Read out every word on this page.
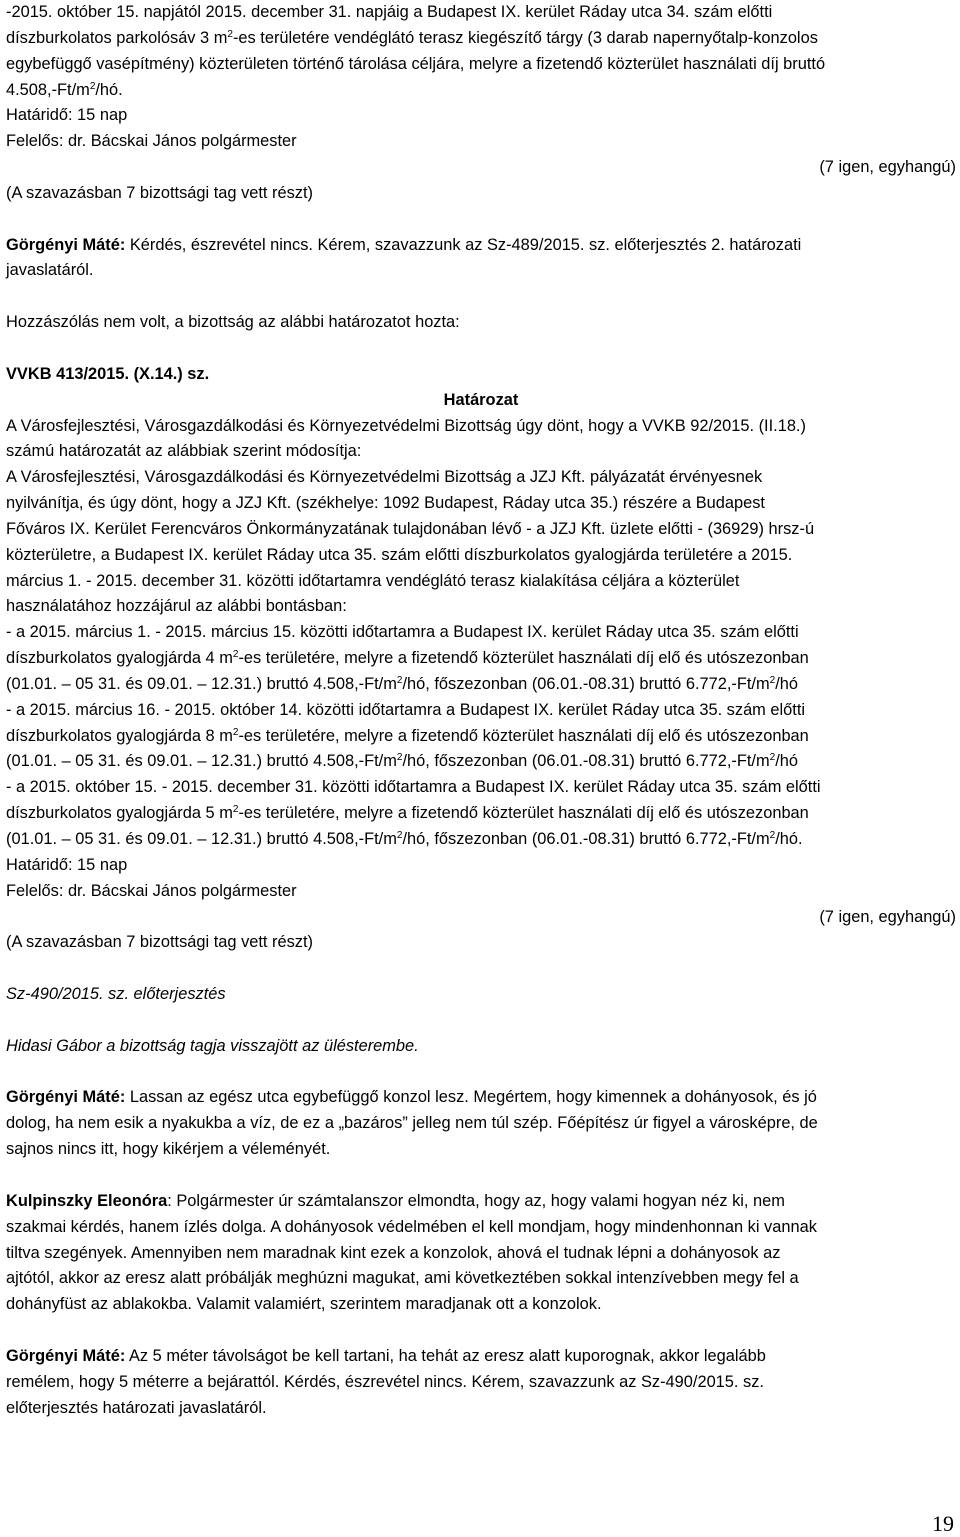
-2015. október 15. napjától 2015. december 31. napjáig a Budapest IX. kerület Ráday utca 34. szám előtti

díszburkolatos parkolósáv 3 $m^2-es$ területére vendéglátó terasz kiegészítő tárgy (3 darab napernyőtalp-konzolos

egybefüggő vasépítmény) közterületen történő tárolása céljára, melyre a fizetendő közterület használati díj bruttó

$4.508,-Ft/m^2/hó$.

Határidő: 15 nap

Felelős: dr. Bácskai János polgármester

(7 igen, egyhangú)

(A szavazásban 7 bizottsági tag vett részt)

Görgényi Máté: Kérdés, észrevétel nincs. Kérem, szavazzunk az Sz-489/2015. sz. előterjesztés 2. határozati

javaslatáról.

Hozzászólás nem volt, a bizottság az alábbi határozatot hozta:

VVKB 413/2015. (X.14.) sz.

Határozat

A Városfejlesztési, Városgazdálkodási és Környezetvédelmi Bizottság úgy dönt, hogy a VVKB 92/2015. (II.18.)

számú határozatát az alábbiak szerint módosítja:

A Városfejlesztési, Városgazdálkodási és Környezetvédelmi Bizottság a JZJ Kft. pályázatát érvényesnek

nyilvánítja, és úgy dönt, hogy a JZJ Kft. (székhelye: 1092 Budapest, Ráday utca 35.) részére a Budapest

Főváros IX. Kerület Ferencváros Önkormányzatának tulajdonában lévő - a JZJ Kft. üzlete előtti - (36929) hrsz-ú

közterületre, a Budapest IX. kerület Ráday utca 35. szám előtti díszburkolatos gyalogjárda területére a 2015.

március 1. - 2015. december 31. közötti időtartamra vendéglátó terasz kialakítása céljára a közterület

használatához hozzájárul az alábbi bontásban:

- a 2015. március 1. - 2015. március 15. közötti időtartamra a Budapest IX. kerület Ráday utca 35. szám előtti

díszburkolatos gyalogjárda 4 $m^2-es$ területére, melyre a fizetendő közterület használati díj elő és utószezonban

(01.01. – 05 31. és 09.01. – 12.31.) bruttó $4.508,-Ft/m^2/hó$, főszezonban (06.01.-08.31) bruttó $6.772,-Ft/m^2/hó$

- a 2015. március 16. - 2015. október 14. közötti időtartamra a Budapest IX. kerület Ráday utca 35. szám előtti

díszburkolatos gyalogjárda 8 $m^2-es$ területére, melyre a fizetendő közterület használati díj elő és utószezonban

(01.01. – 05 31. és 09.01. – 12.31.) bruttó $4.508,-Ft/m^2/hó$, főszezonban (06.01.-08.31) bruttó $6.772,-Ft/m^2/hó$

- a 2015. október 15. - 2015. december 31. közötti időtartamra a Budapest IX. kerület Ráday utca 35. szám előtti

díszburkolatos gyalogjárda 5 $m^2-es$ területére, melyre a fizetendő közterület használati díj elő és utószezonban

(01.01. – 05 31. és 09.01. – 12.31.) bruttó $4.508,-Ft/m^2/hó$, főszezonban (06.01.-08.31) bruttó $6.772,-Ft/m^2/hó$.

Határidő: 15 nap

Felelős: dr. Bácskai János polgármester

(7 igen, egyhangú)

(A szavazásban 7 bizottsági tag vett részt)

Sz-490/2015. sz. előterjesztés

Hidasi Gábor a bizottság tagja visszajött az ülésterembe.

Görgényi Máté: Lassan az egész utca egybefüggő konzol lesz. Megértem, hogy kimennek a dohányosok, és jó

dolog, ha nem esik a nyakukba a víz, de ez a „bazáros” jelleg nem túl szép. Főépítész úr figyel a városképre, de

sajnos nincs itt, hogy kikérjem a véleményét.

Kulpinszky Eleonóra: Polgármester úr számtalanszor elmondta, hogy az, hogy valami hogyan néz ki, nem

szakmai kérdés, hanem ízlés dolga. A dohányosok védelmében el kell mondjam, hogy mindenhonnan ki vannak

tiltva szegények. Amennyiben nem maradnak kint ezek a konzolok, ahová el tudnak lépni a dohányosok az

ajtótól, akkor az eresz alatt próbálják meghúzni magukat, ami következtében sokkal intenzívebben megy fel a

dohányfüst az ablakokba. Valamit valamiért, szerintem maradjanak ott a konzolok.

Görgényi Máté: Az 5 méter távolságot be kell tartani, ha tehát az eresz alatt kuporognak, akkor legalább

remélem, hogy 5 méterre a bejárattól. Kérdés, észrevétel nincs. Kérem, szavazzunk az Sz-490/2015. sz.

előterjesztés határozati javaslatáról.

19
